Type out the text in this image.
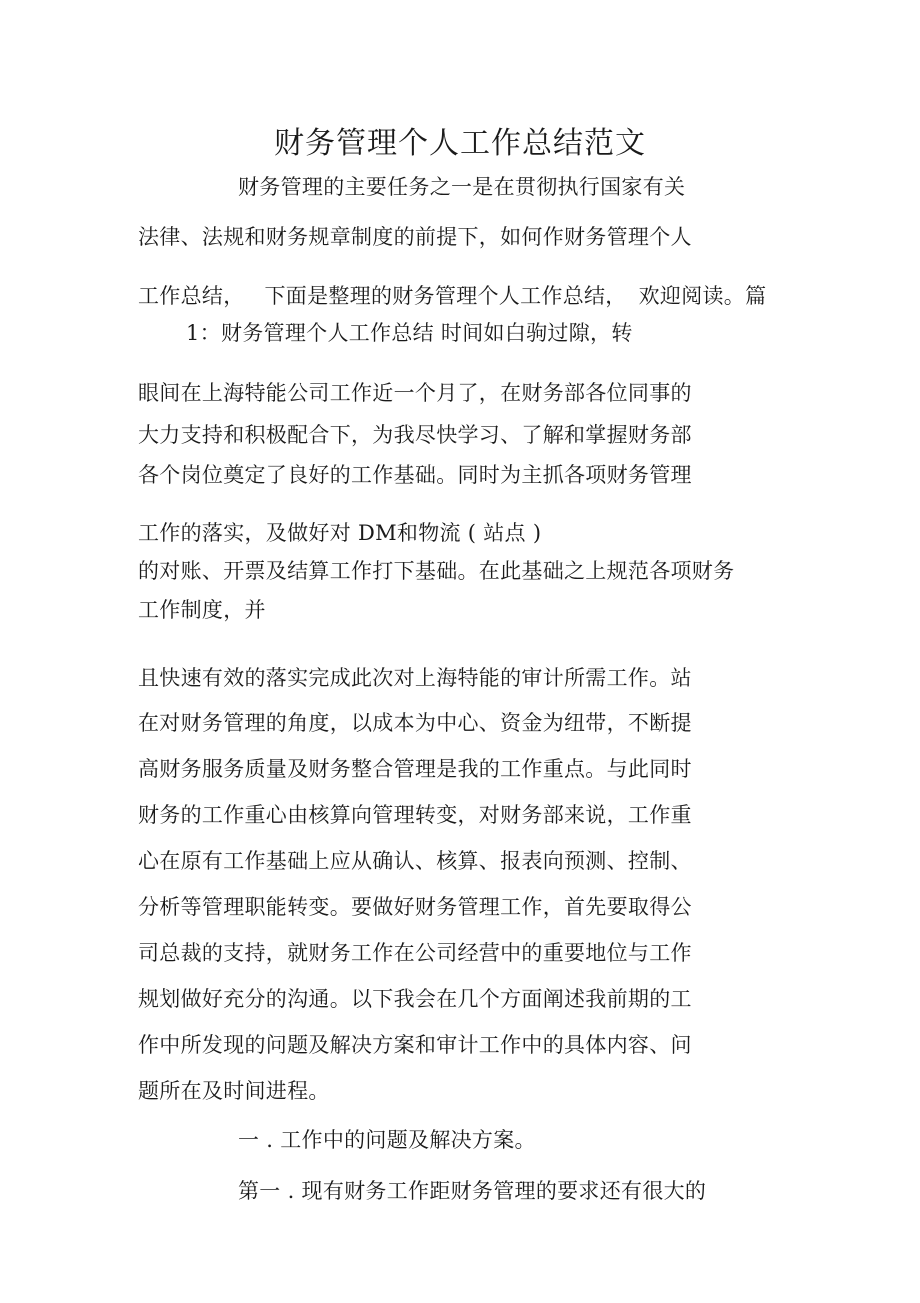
财务管理个人工作总结范文
财务管理的主要任务之一是在贯彻执行国家有关
法律、法规和财务规章制度的前提下，如何作财务管理个人
工作总结， 下面是整理的财务管理个人工作总结， 欢迎阅读。篇
1：财务管理个人工作总结 时间如白驹过隙，转
眼间在上海特能公司工作近一个月了，在财务部各位同事的
大力支持和积极配合下，为我尽快学习、了解和掌握财务部
各个岗位奠定了良好的工作基础。同时为主抓各项财务管理
工作的落实，及做好对 DM和物流 ( 站点 )
的对账、开票及结算工作打下基础。在此基础之上规范各项财务
工作制度，并
且快速有效的落实完成此次对上海特能的审计所需工作。站
在对财务管理的角度，以成本为中心、资金为纽带，不断提
高财务服务质量及财务整合管理是我的工作重点。与此同时
财务的工作重心由核算向管理转变，对财务部来说，工作重
心在原有工作基础上应从确认、核算、报表向预测、控制、
分析等管理职能转变。要做好财务管理工作，首先要取得公
司总裁的支持，就财务工作在公司经营中的重要地位与工作
规划做好充分的沟通。以下我会在几个方面阐述我前期的工
作中所发现的问题及解决方案和审计工作中的具体内容、问
题所在及时间进程。
一 . 工作中的问题及解决方案。
第一 . 现有财务工作距财务管理的要求还有很大的
